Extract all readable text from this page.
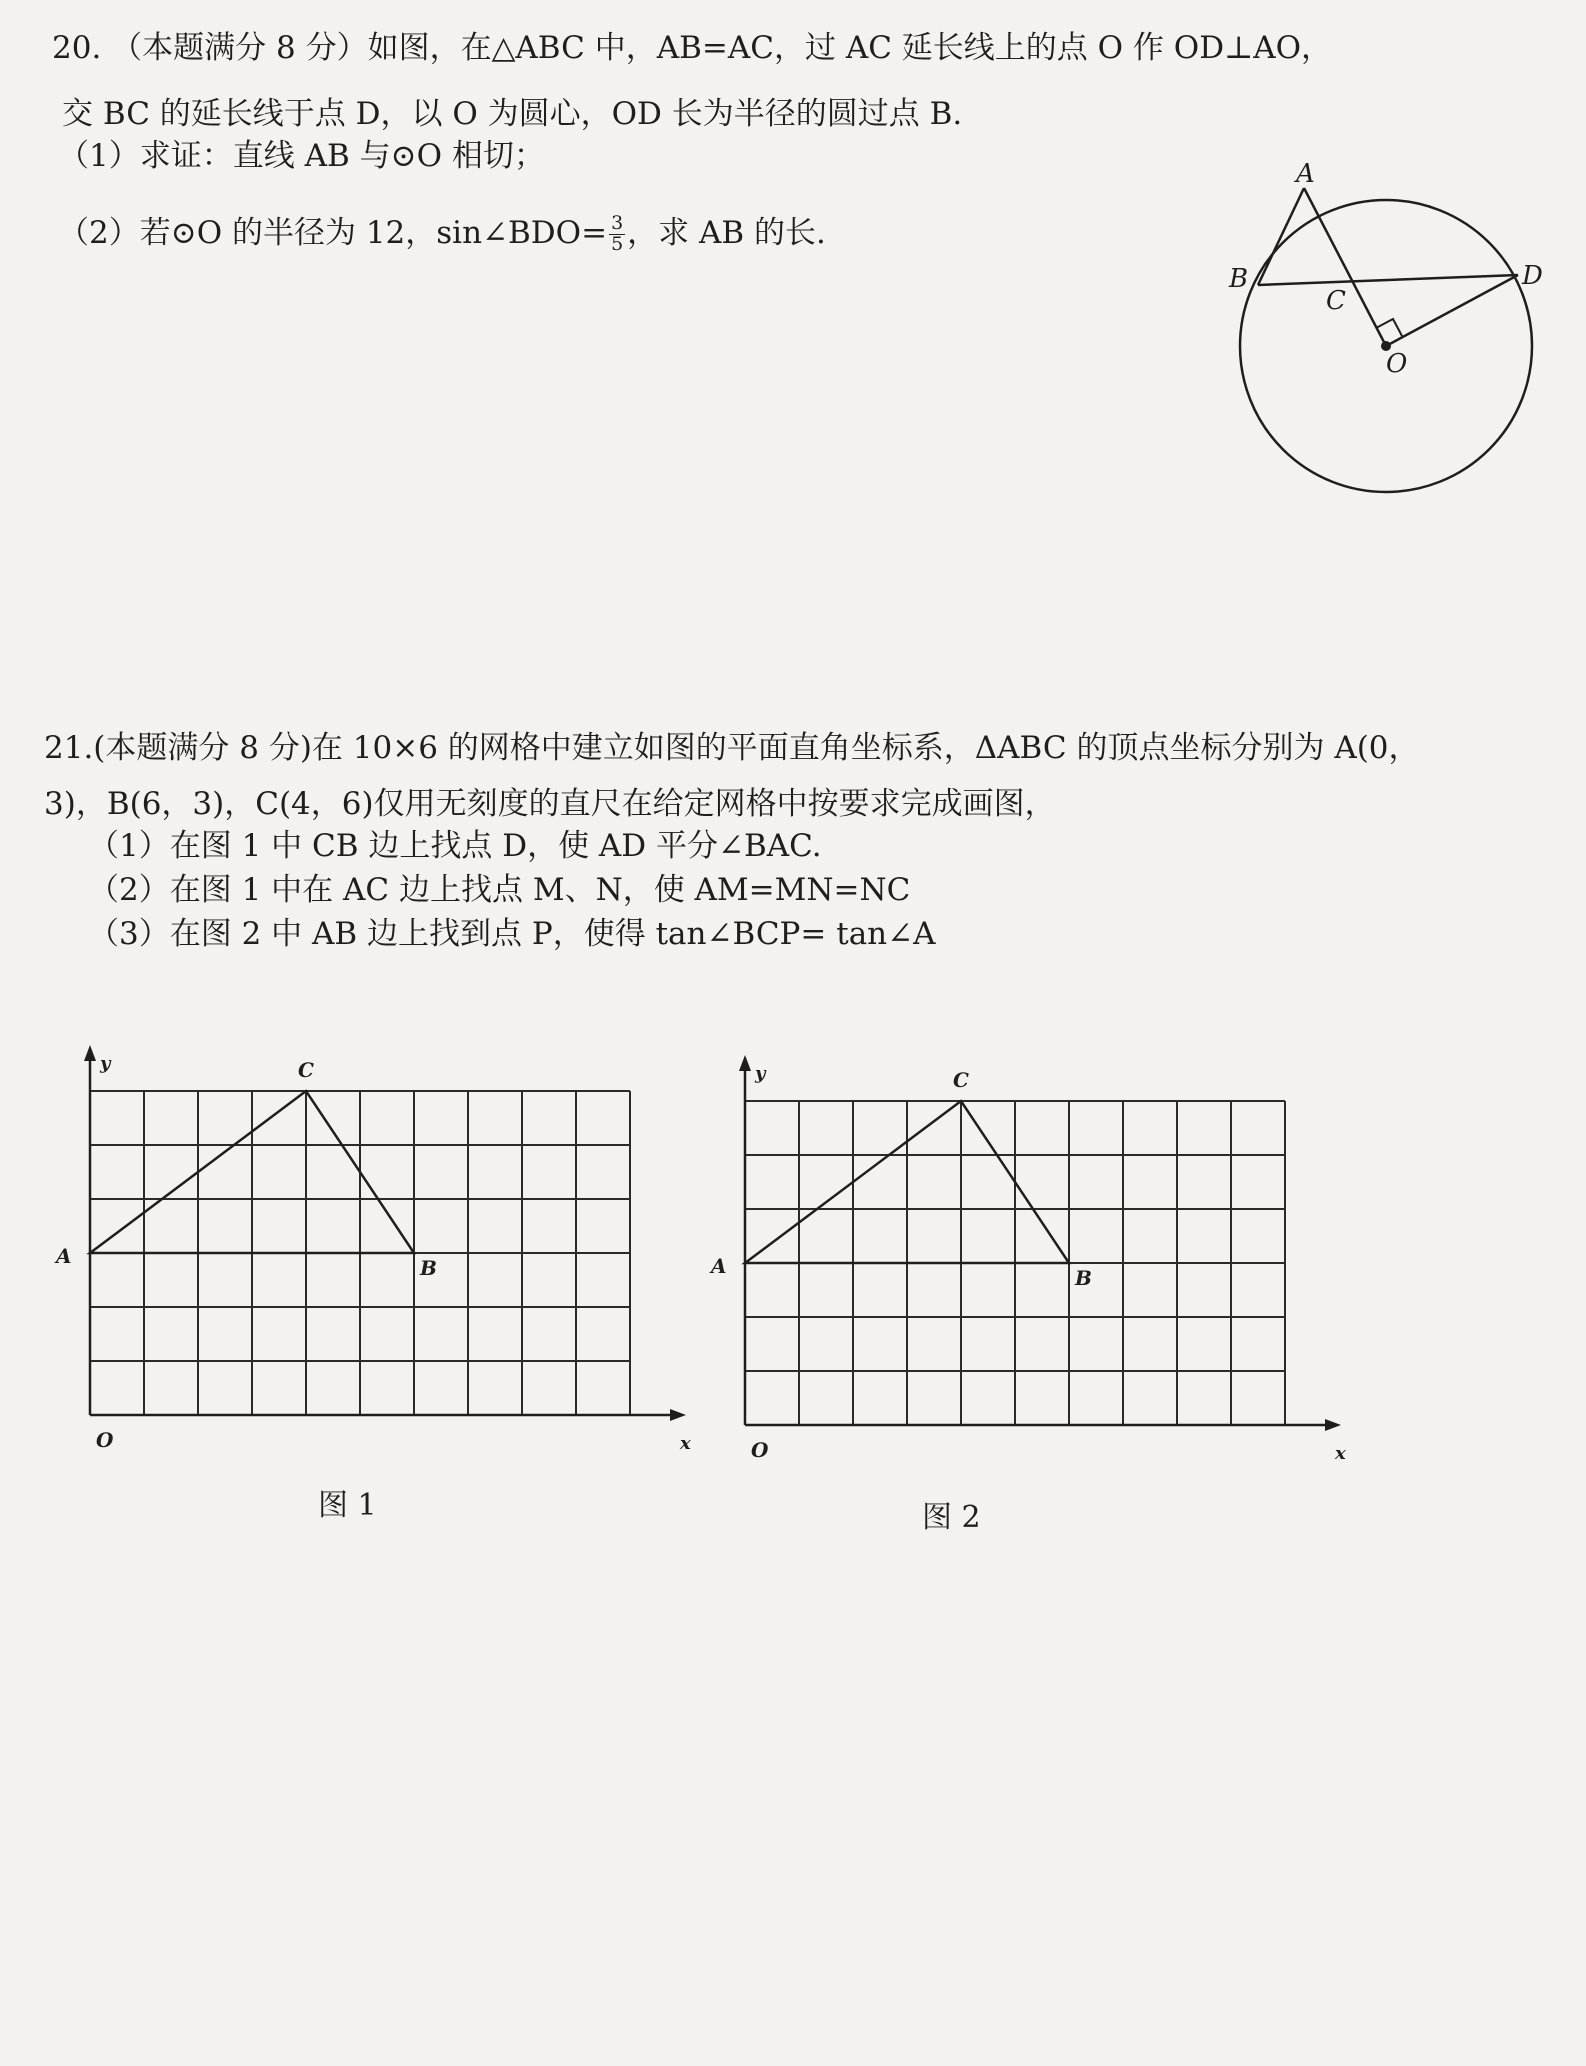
20. （本题满分 8 分）如图，在△ABC 中，AB=AC，过 AC 延长线上的点 O 作 OD⊥AO，
交 BC 的延长线于点 D，以 O 为圆心，OD 长为半径的圆过点 B.
（1）求证：直线 AB 与⊙O 相切；
（2）若⊙O 的半径为 12，sin∠BDO= $\frac{3}{5}$ ，求 AB 的长.
A
B
C
D
O
21.(本题满分 8 分)在 10×6 的网格中建立如图的平面直角坐标系，ΔABC 的顶点坐标分别为 A(0，
3)，B(6，3)，C(4，6)仅用无刻度的直尺在给定网格中按要求完成画图，
（1）在图 1 中 CB 边上找点 D，使 AD 平分∠BAC.
（2）在图 1 中在 AC 边上找点 M、N，使 AM=MN=NC
（3）在图 2 中 AB 边上找到点 P，使得 tan∠BCP= tan∠A
A	B
C
y
x
O
A	B
C
y
x
O
图 1	图 2
